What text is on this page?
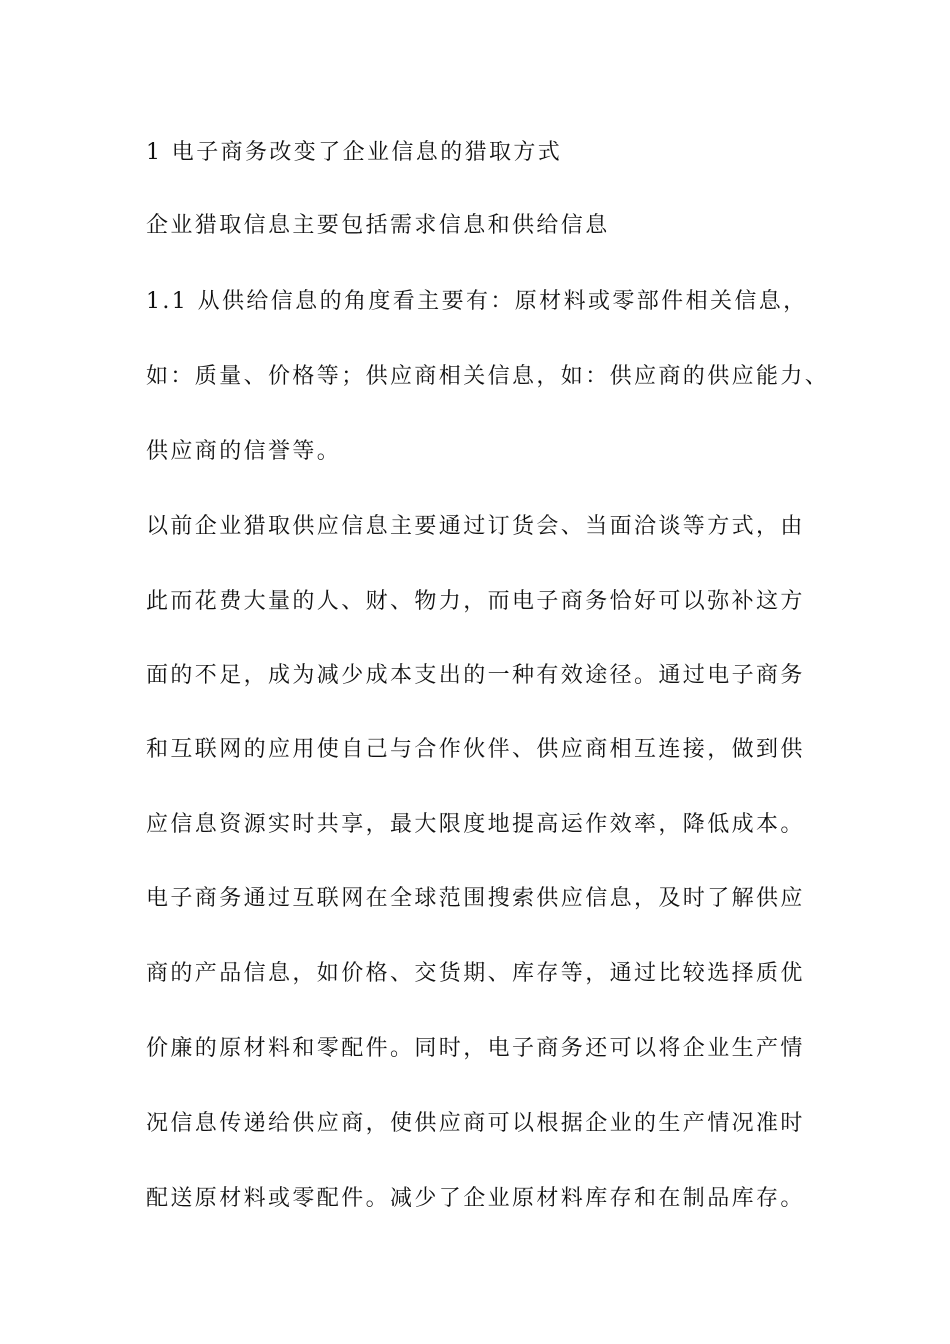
1 电子商务改变了企业信息的猎取方式

企业猎取信息主要包括需求信息和供给信息

1.1 从供给信息的角度看主要有：原材料或零部件相关信息，

如：质量、价格等；供应商相关信息，如：供应商的供应能力、

供应商的信誉等。

以前企业猎取供应信息主要通过订货会、当面洽谈等方式，由

此而花费大量的人、财、物力，而电子商务恰好可以弥补这方

面的不足，成为减少成本支出的一种有效途径。通过电子商务

和互联网的应用使自己与合作伙伴、供应商相互连接，做到供

应信息资源实时共享，最大限度地提高运作效率，降低成本。

电子商务通过互联网在全球范围搜索供应信息，及时了解供应

商的产品信息，如价格、交货期、库存等，通过比较选择质优

价廉的原材料和零配件。同时，电子商务还可以将企业生产情

况信息传递给供应商，使供应商可以根据企业的生产情况准时

配送原材料或零配件。减少了企业原材料库存和在制品库存。
